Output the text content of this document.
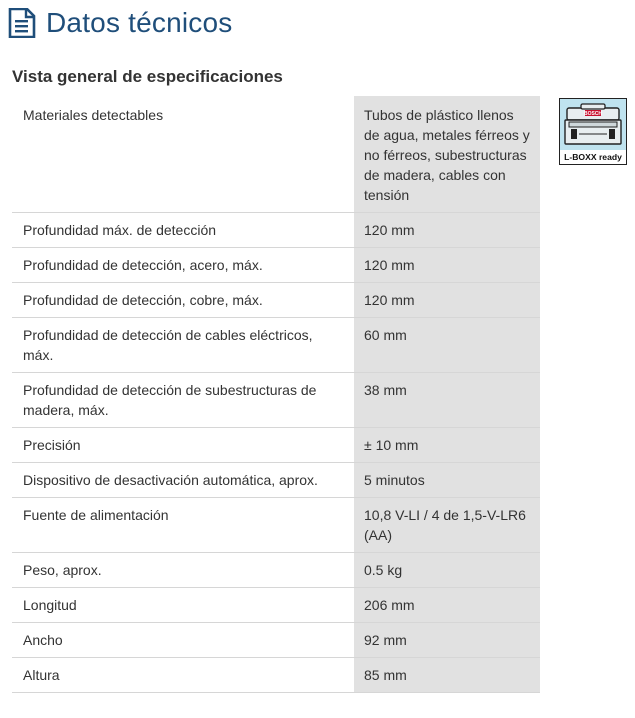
Datos técnicos
Vista general de especificaciones
Materiales detectables	Tubos de plástico llenos de agua, metales férreos y no férreos, subestructuras de madera, cables con tensión
Profundidad máx. de detección	120 mm
Profundidad de detección, acero, máx.	120 mm
Profundidad de detección, cobre, máx.	120 mm
Profundidad de detección de cables eléctricos, máx.	60 mm
Profundidad de detección de subestructuras de madera, máx.	38 mm
Precisión	± 10 mm
Dispositivo de desactivación automática, aprox.	5 minutos
Fuente de alimentación	10,8 V-LI / 4 de 1,5-V-LR6 (AA)
Peso, aprox.	0.5 kg
Longitud	206 mm
Ancho	92 mm
Altura	85 mm
BOSCH
L-BOXX ready
